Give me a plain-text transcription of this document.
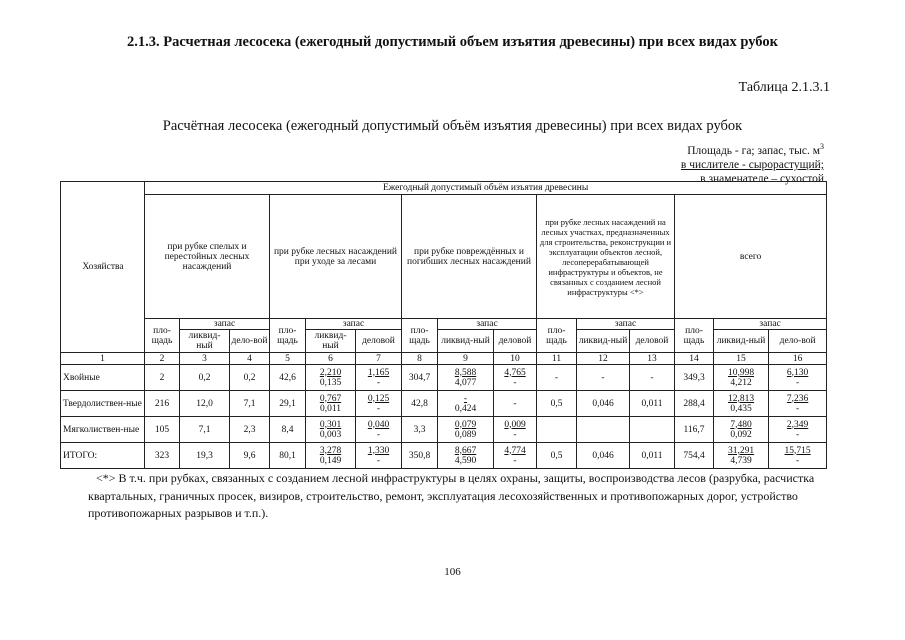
2.1.3. Расчетная лесосека (ежегодный допустимый объем изъятия древесины) при всех видах рубок
Таблица 2.1.3.1
Расчётная лесосека (ежегодный допустимый объём изъятия древесины) при всех видах рубок
Площадь - га; запас, тыс. $м^3$
в числителе - сырорастущий;
в знаменателе – сухостой
Хозяйства	Ежегодный допустимый объём изъятия древесины														
	при рубке спелых и перестойных лесных насаждений			при рубке лесных насаждений при уходе за лесами			при рубке повреждённых и погибших лесных насаждений			при рубке лесных насаждений на лесных участках, предназначенных для строительства, реконструкции и эксплуатации объектов лесной, лесоперерабатывающей инфраструктуры и объектов, не связанных с созданием лесной инфраструктуры <*>			всего		
	пло-щадь	запас		пло-щадь	запас		пло-щадь	запас		пло-щадь	запас		пло-щадь	запас	
		ликвид-ный	дело-вой		ликвид-ный	деловой		ликвид-ный	деловой		ликвид-ный	деловой		ликвид-ный	дело-вой
1	2	3	4	5	6	7	8	9	10	11	12	13	14	15	16
Хвойные	2	0,2	0,2	42,6	$\frac{2,210}{0,135}$	$\frac{1,165}{-}$	304,7	$\frac{8,588}{4,077}$	$\frac{4,765}{-}$	-	-	-	349,3	$\frac{10,998}{4,212}$	$\frac{6,130}{-}$

Твердолиствен-ные	216	12,0	7,1	29,1	$\frac{0,767}{0,011}$	$\frac{0,125}{-}$	42,8	$\frac{-}{0,424}$	-	0,5	0,046	0,011	288,4	$\frac{12,813}{0,435}$	$\frac{7,236}{-}$

Мягколиствен-ные	105	7,1	2,3	8,4	$\frac{0,301}{0,003}$	$\frac{0,040}{-}$	3,3	$\frac{0,079}{0,089}$	$\frac{0,009}{-}$				116,7	$\frac{7,480}{0,092}$	$\frac{2,349}{-}$

ИТОГО:	323	19,3	9,6	80,1	$\frac{3,278}{0,149}$	$\frac{1,330}{-}$	350,8	$\frac{8,667}{4,590}$	$\frac{4,774}{-}$	0,5	0,046	0,011	754,4	$\frac{31,291}{4,739}$	$\frac{15,715}{-}$
<*> В т.ч. при рубках, связанных с созданием лесной инфраструктуры в целях охраны, защиты, воспроизводства лесов (разрубка, расчистка квартальных, граничных просек, визиров, строительство, ремонт, эксплуатация лесохозяйственных и противопожарных дорог, устройство противопожарных разрывов и т.п.).
106
